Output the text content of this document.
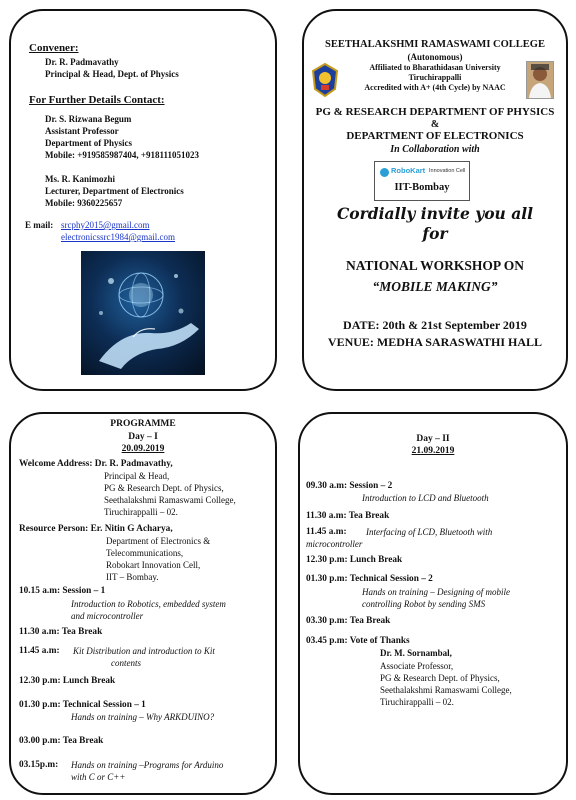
Convener:
Dr. R. Padmavathy
Principal & Head, Dept. of Physics
For Further Details Contact:
Dr. S. Rizwana Begum
Assistant Professor
Department of Physics
Mobile: +919585987404, +918111051023
Ms. R. Kanimozhi
Lecturer, Department of Electronics
Mobile: 9360225657
E mail: srcphy2015@gmail.com
electronicssrc1984@gmail.com
SEETHALAKSHMI RAMASWAMI COLLEGE
(Autonomous)
Affiliated to Bharathidasan University
Tiruchirappalli
Accredited with A+ (4th Cycle) by NAAC
PG & RESEARCH DEPARTMENT OF PHYSICS
&
DEPARTMENT OF ELECTRONICS
In Collaboration with
RoboKart Innovation Cell
IIT-Bombay
Cordially invite you all
for
NATIONAL WORKSHOP ON
“MOBILE MAKING”
DATE: 20th & 21st September 2019
VENUE: MEDHA SARASWATHI HALL
PROGRAMME
Day – I
20.09.2019
Welcome Address: Dr. R. Padmavathy,
Principal & Head,
PG & Research Dept. of Physics,
Seethalakshmi Ramaswami College,
Tiruchirappalli – 02.
Resource Person: Er. Nitin G Acharya,
Department of Electronics &
Telecommunications,
Robokart Innovation Cell,
IIT – Bombay.
10.15 a.m: Session – 1
Introduction to Robotics, embedded system
and microcontroller
11.30 a.m: Tea Break
11.45 a.m: Kit Distribution and introduction to Kit
contents
12.30 p.m: Lunch Break
01.30 p.m: Technical Session – 1
Hands on training – Why ARKDUINO?
03.00 p.m: Tea Break
03.15p.m: Hands on training –Programs for Arduino
with C or C++
Day – II
21.09.2019
09.30 a.m: Session – 2
Introduction to LCD and Bluetooth
11.30 a.m: Tea Break
11.45 a.m: Interfacing of LCD, Bluetooth with
microcontroller
12.30 p.m: Lunch Break
01.30 p.m: Technical Session – 2
Hands on training – Designing of mobile
controlling Robot by sending SMS
03.30 p.m: Tea Break
03.45 p.m: Vote of Thanks
Dr. M. Sornambal,
Associate Professor,
PG & Research Dept. of Physics,
Seethalakshmi Ramaswami College,
Tiruchirappalli – 02.
